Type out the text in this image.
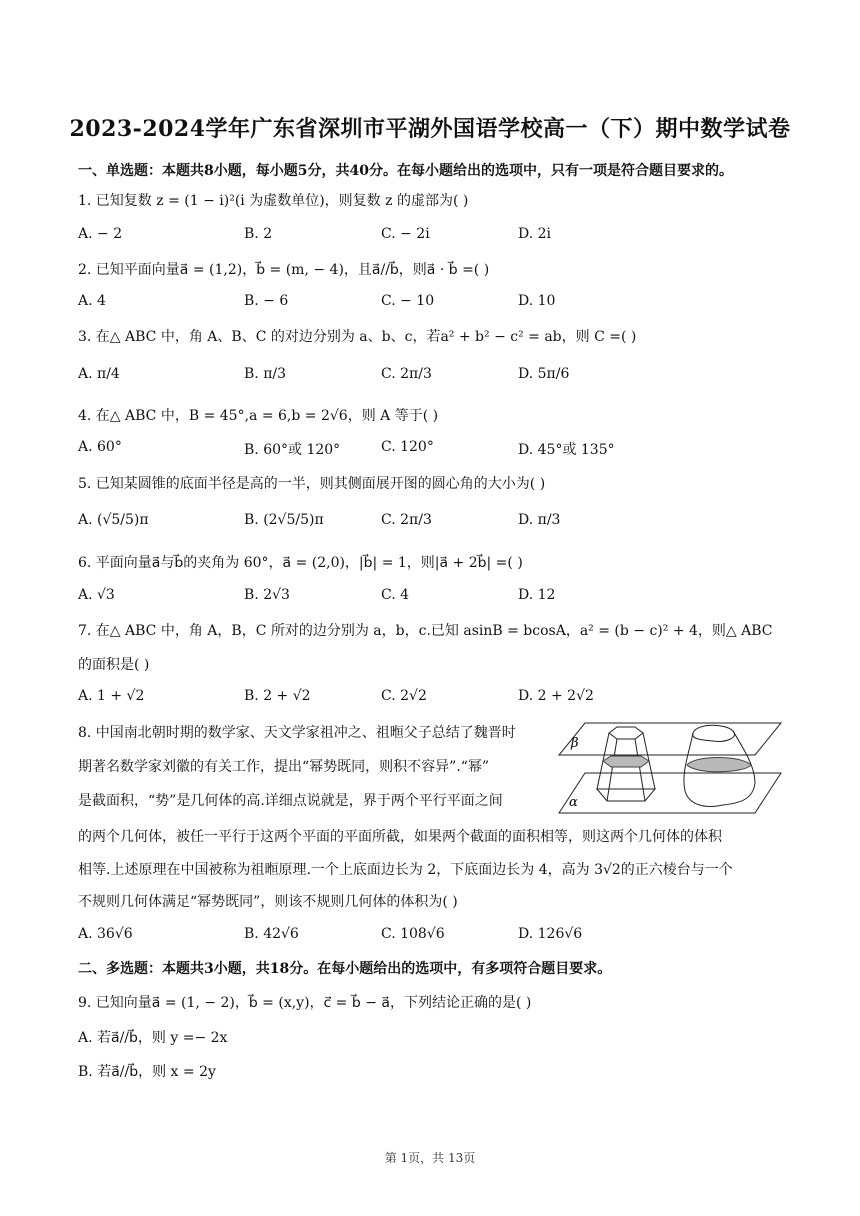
2023-2024学年广东省深圳市平湖外国语学校高一（下）期中数学试卷
一、单选题：本题共8小题，每小题5分，共40分。在每小题给出的选项中，只有一项是符合题目要求的。
1. 已知复数 z = (1 − i)²(i 为虚数单位)，则复数 z 的虚部为( )
A. − 2	B. 2	C. − 2i	D. 2i
2. 已知平面向量a⃗ = (1,2)，b⃗ = (m, − 4)，且a⃗//b⃗，则a⃗ · b⃗ =( )
A. 4	B. − 6	C. − 10	D. 10
3. 在△ ABC 中，角 A、B、C 的对边分别为 a、b、c，若a² + b² − c² = ab，则 C =( )
A. π/4	B. π/3	C. 2π/3	D. 5π/6
4. 在△ ABC 中，B = 45°,a = 6,b = 2√6，则 A 等于( )
A. 60°	B. 60°或 120°	C. 120°	D. 45°或 135°
5. 已知某圆锥的底面半径是高的一半，则其侧面展开图的圆心角的大小为( )
A. (√5/5)π	B. (2√5/5)π	C. 2π/3	D. π/3
6. 平面向量a⃗与b⃗的夹角为 60°，a⃗ = (2,0)，|b⃗| = 1，则|a⃗ + 2b⃗| =( )
A. √3	B. 2√3	C. 4	D. 12
7. 在△ ABC 中，角 A，B，C 所对的边分别为 a，b，c.已知 asinB = bcosA，a² = (b − c)² + 4，则△ ABC
的面积是( )
A. 1 + √2	B. 2 + √2	C. 2√2	D. 2 + 2√2
8. 中国南北朝时期的数学家、天文学家祖冲之、祖暅父子总结了魏晋时
期著名数学家刘徽的有关工作，提出“幂势既同，则积不容异”.“幂”
是截面积，“势”是几何体的高.详细点说就是，界于两个平行平面之间
的两个几何体，被任一平行于这两个平面的平面所截，如果两个截面的面积相等，则这两个几何体的体积
相等.上述原理在中国被称为祖暅原理.一个上底面边长为 2，下底面边长为 4，高为 3√2的正六棱台与一个
不规则几何体满足“幂势既同”，则该不规则几何体的体积为( )
A. 36√6	B. 42√6	C. 108√6	D. 126√6
β
α
二、多选题：本题共3小题，共18分。在每小题给出的选项中，有多项符合题目要求。
9. 已知向量a⃗ = (1, − 2)，b⃗ = (x,y)，c⃗ = b⃗ − a⃗，下列结论正确的是( )
A. 若a⃗//b⃗，则 y =− 2x
B. 若a⃗//b⃗，则 x = 2y
第 1页，共 13页
